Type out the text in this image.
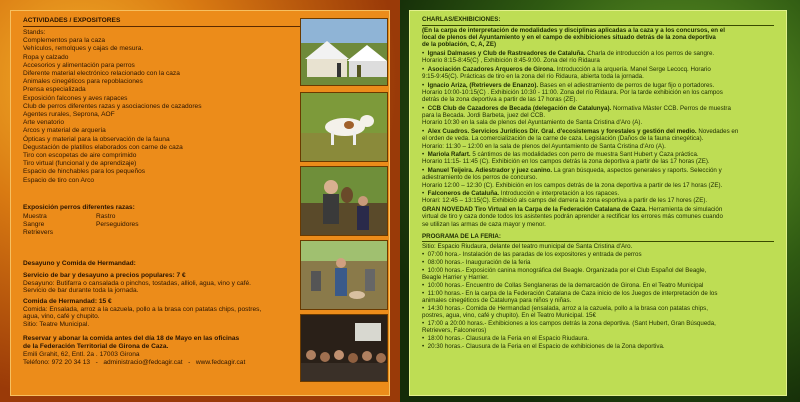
ACTIVIDADES / EXPOSITORES
Exposición perros diferentes razas:
Desayuno y Comida de Hermandad:
Servicio de bar y desayuno a precios populares: 7 €
Desayuno: Butifarra o cansalada o pinchos, tostadas, allioli, agua, vino y café.
Servicio de bar durante toda la jornada.
Comida de Hermandad: 15 €
Comida: Ensalada, arroz a la cazuela, pollo a la brasa con patatas chips, postres,
agua, vino, café y chupito.
Sitio: Teatre Municipal.
Reservar y abonar la comida antes del día 18 de Mayo en las oficinas
de la Federación Territorial de Girona de Caza.
Emili Grahit, 62, Entl. 2a . 17003 Girona
Teléfono: 972 20 34 13 - administracio@fedcagir.cat - www.fedcagir.cat
Stands:
Complementos para la caza
Vehículos, remolques y cajas de mesura.
Ropa y calzado
Accesorios y alimentación para perros
Diferente material electrónico relacionado con la caza
Animales cinegéticos para repoblaciones
Prensa especializada
Exposición falcones y aves rapaces
Club de perros diferentes razas y asociaciones de cazadores
Agentes rurales, Seprona, AOF
Arte venatorio
Arcos y material de arquería
Ópticas y material para la observación de la fauna
Degustación de platillos elaborados con carne de caza
Tiro con escopetas de aire comprimido
Tiro virtual (funcional y de aprendizaje)
Espacio de hinchables para los pequeños
Espacio de tiro con Arco
Muestra	Rastro
Sangre	Perseguidores
Retrievers
CHARLAS/EXHIBICIONES:
(En la carpa de interpretación de modalidades y disciplinas aplicadas a la caza y a los concursos, en el
local de plenos del Ayuntamiento y en el campo de exhibiciones situado detrás de la zona deportiva
de la población, C, A, ZE)
• Ignasi Dalmases y Club de Rastreadores de Cataluña. Charla de introducción a los perros de sangre.
Horario 8:15-8:45(C) , Exhibición 8:45-9:00. Zona del río Ridaura
• Asociación Cazadores Arqueros de Girona. Introducción a la arquería. Manel Serge Lecocq. Horario
9:15-9:45(C). Prácticas de tiro en la zona del río Ridaura, abierta toda la jornada.
• Ignacio Ariza, (Retrievers de Enanzo). Bases en el adiestramiento de perros de lugar fijo o portadores.
Horario 10:00-10:15(C) . Exhibición 10:30 - 11:00. Zona del río Ridaura. Por la tarde exhibición en los campos
detrás de la zona deportiva a partir de las 17 horas (ZE).
• CCB Club de Cazadores de Becada (delegación de Catalunya). Normativa Màster CCB. Perros de muestra
para la Becada. Jordi Barbeta, juez del CCB.
Horario 10:30 en la sala de plenos del Ayuntamiento de Santa Cristina d'Aro (A).
• Alex Cuadros. Servicios Jurídicos Dir. Gral. d'ecosistemas y forestales y gestión del medio. Novedades en
el orden de veda. La comercialización de la carne de caza. Legislación (Daños de la fauna cinegética).
Horario: 11:30 – 12:00 en la sala de plenos del Ayuntamiento de Santa Cristina d'Aro (A).
• Mariola Rafart. 5 cántimos de las modalidades con perro de muestra Sant Hubert y Caza práctica.
Horario 11:15- 11:45 (C). Exhibición en los campos detrás la zona deportiva a partir de las 17 horas (ZE).
• Manuel Teijeira. Adiestrador y juez canino. La gran búsqueda, aspectos generales y raports. Selección y
adiestramiento de los perros de concurso.
Horario 12:00 – 12:30 (C). Exhibición en los campos detrás de la zona deportiva a partir de les 17 horas (ZE).
• Falconeros de Cataluña. Introducción e interpretación a los rapaces.
Horari: 12:45 – 13:15(C). Exhibició als camps del darrera la zona esportiva a partir de les 17 hores (ZE).
GRAN NOVEDAD Tiro Virtual en la Carpa de la Federación Catalana de Caza. Herramienta de simulación
virtual de tiro y caza donde todos los asistentes podrán aprender a rectificar los errores más comunes cuando
se utilizan las armas de caza mayor y menor.
PROGRAMA DE LA FERIA:
Sitio: Espacio Riudaura, delante del teatro municipal de Santa Cristina d'Aro.
• 07:00 hora.- Instalación de las paradas de los expositores y entrada de perros
• 08:00 horas.- Inauguración de la feria
• 10:00 horas.- Exposición canina monográfica del Beagle. Organizada por el Club Español del Beagle,
Beagle Harrier y Harrier.
• 10:00 horas.- Encuentro de Collas Senglaneras de la demarcación de Girona. En el Teatro Municipal
• 11:00 horas.- En la carpa de la Federación Catalana de Caza inicio de los Juegos de interpretación de los
animales cinegéticos de Catalunya para niños y niñas.
• 14:30 horas.- Comida de Hermandad (ensalada, arroz a la cazuela, pollo a la brasa con patatas chips,
postres, agua, vino, café y chupito). En el Teatro Municipal. 15€
• 17:00 a 20:00 horas.- Exhibiciones a los campos detrás la zona deportiva. (Sant Hubert, Gran Búsqueda,
Retrievers, Falconeros)
• 18:00 horas.- Clausura de la Feria en el Espacio Riudaura.
• 20:30 horas.- Clausura de la Feria en el Espacio de exhibiciones de la Zona deportiva.
